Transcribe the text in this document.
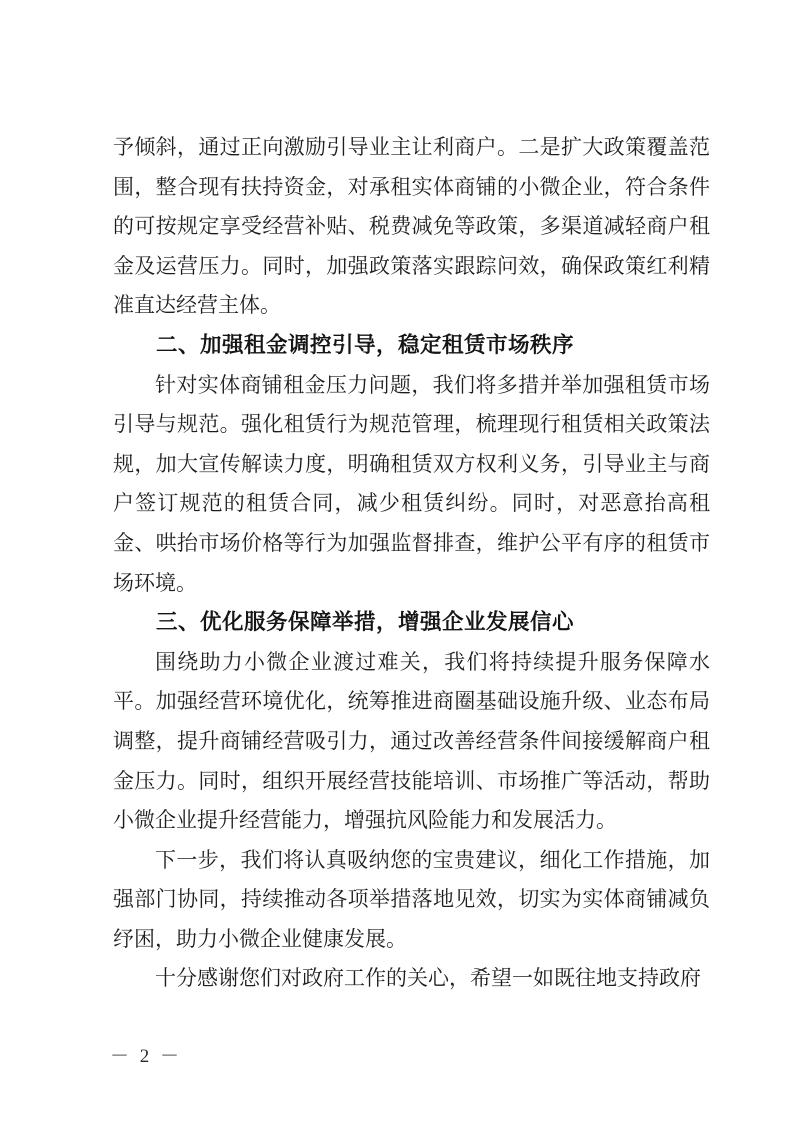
予倾斜，通过正向激励引导业主让利商户。二是扩大政策覆盖范围，整合现有扶持资金，对承租实体商铺的小微企业，符合条件的可按规定享受经营补贴、税费减免等政策，多渠道减轻商户租金及运营压力。同时，加强政策落实跟踪问效，确保政策红利精准直达经营主体。

二、加强租金调控引导，稳定租赁市场秩序

针对实体商铺租金压力问题，我们将多措并举加强租赁市场引导与规范。强化租赁行为规范管理，梳理现行租赁相关政策法规，加大宣传解读力度，明确租赁双方权利义务，引导业主与商户签订规范的租赁合同，减少租赁纠纷。同时，对恶意抬高租金、哄抬市场价格等行为加强监督排查，维护公平有序的租赁市场环境。

三、优化服务保障举措，增强企业发展信心

围绕助力小微企业渡过难关，我们将持续提升服务保障水平。加强经营环境优化，统筹推进商圈基础设施升级、业态布局调整，提升商铺经营吸引力，通过改善经营条件间接缓解商户租金压力。同时，组织开展经营技能培训、市场推广等活动，帮助小微企业提升经营能力，增强抗风险能力和发展活力。

下一步，我们将认真吸纳您的宝贵建议，细化工作措施，加强部门协同，持续推动各项举措落地见效，切实为实体商铺减负纾困，助力小微企业健康发展。

十分感谢您们对政府工作的关心，希望一如既往地支持政府

－ 2 －
